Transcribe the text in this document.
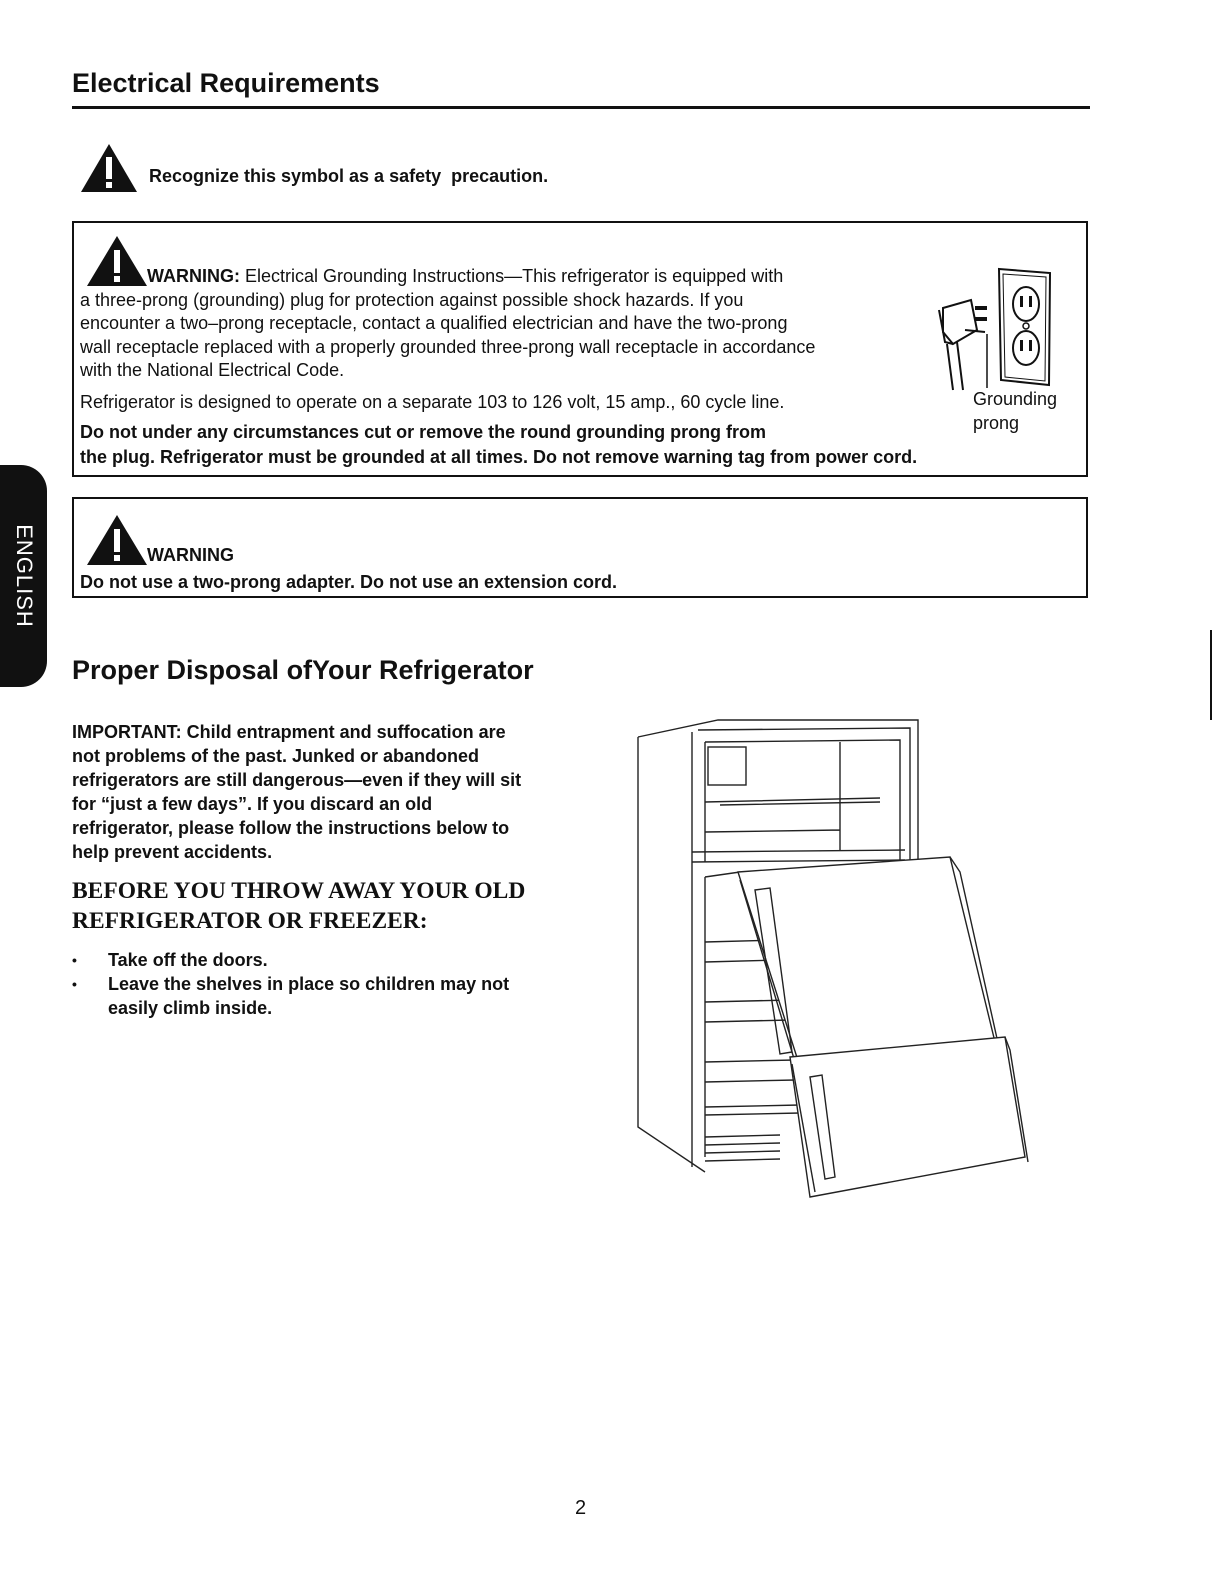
Electrical Requirements
Recognize this symbol as a safety  precaution.
WARNING: Electrical Grounding Instructions—This refrigerator is equipped with
a three-prong (grounding) plug for protection against possible shock hazards. If you
encounter a two–prong receptacle, contact a qualified electrician and have the two-prong
wall receptacle replaced with a properly grounded three-prong wall receptacle in accordance
with the National Electrical Code.
Refrigerator is designed to operate on a separate 103 to 126 volt, 15 amp., 60 cycle line.
Do not under any circumstances cut or remove the round grounding prong from
the plug. Refrigerator must be grounded at all times. Do not remove warning tag from power cord.
Grounding
prong
WARNING
Do not use a two-prong adapter. Do not use an extension cord.
ENGLISH
Proper Disposal ofYour Refrigerator
IMPORTANT: Child entrapment and suffocation are
not problems of the past. Junked or abandoned
refrigerators are still dangerous—even if they will sit
for “just a few days”. If you discard an old
refrigerator, please follow the instructions below to
help prevent accidents.
BEFORE YOU THROW AWAY YOUR OLD
REFRIGERATOR OR FREEZER:
• Take off the doors.
• Leave the shelves in place so children may not easily climb inside.
2
